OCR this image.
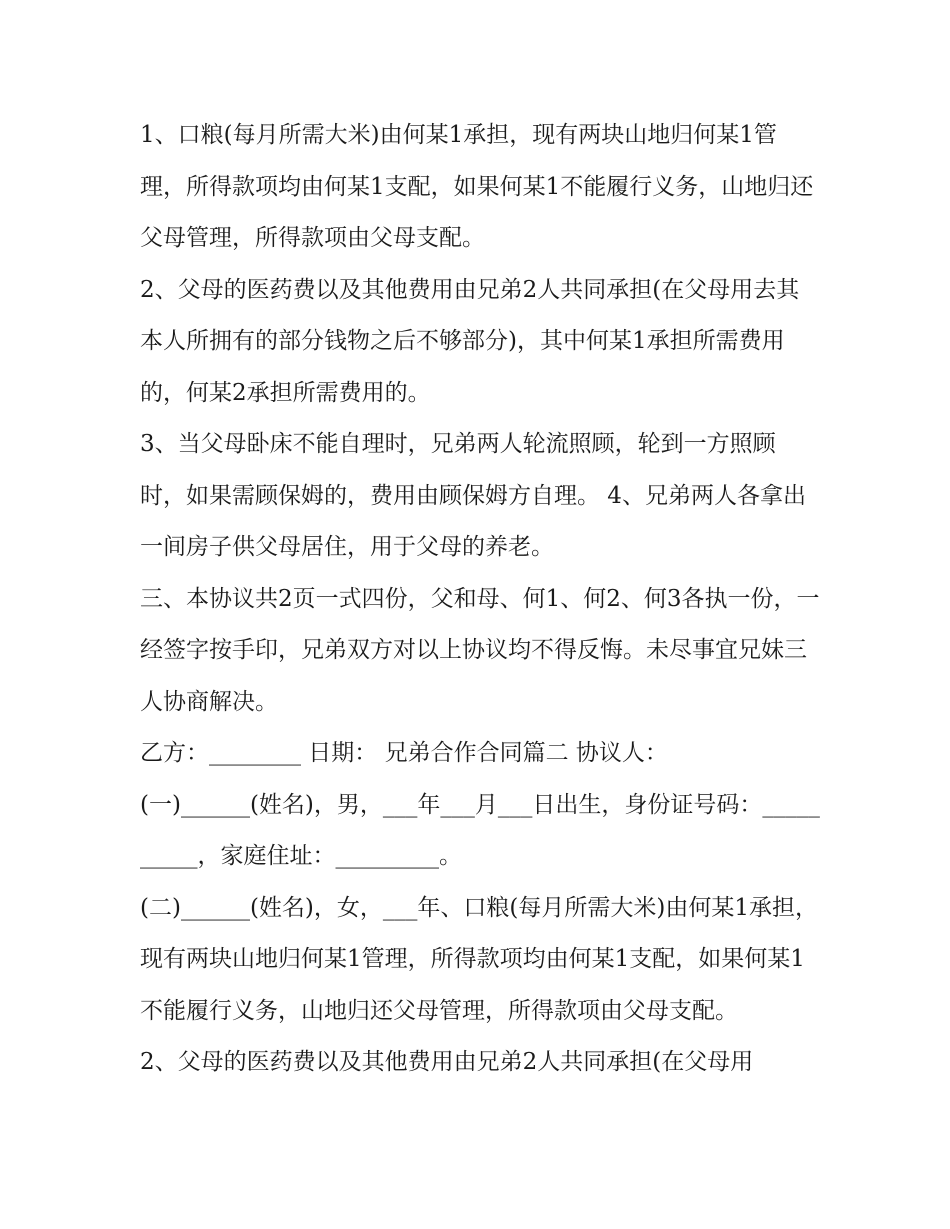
1、口粮(每月所需大米)由何某1承担，现有两块山地归何某1管理，所得款项均由何某1支配，如果何某1不能履行义务，山地归还父母管理，所得款项由父母支配。

2、父母的医药费以及其他费用由兄弟2人共同承担(在父母用去其本人所拥有的部分钱物之后不够部分)，其中何某1承担所需费用的，何某2承担所需费用的。

3、当父母卧床不能自理时，兄弟两人轮流照顾，轮到一方照顾时，如果需顾保姆的，费用由顾保姆方自理。 4、兄弟两人各拿出一间房子供父母居住，用于父母的养老。

三、本协议共2页一式四份，父和母、何1、何2、何3各执一份，一经签字按手印，兄弟双方对以上协议均不得反悔。未尽事宜兄妹三人协商解决。

乙方：________ 日期： 兄弟合作合同篇二 协议人：

(一)______(姓名)，男，___年___月___日出生，身份证号码：__________，家庭住址：_________。

(二)______(姓名)，女，___年、口粮(每月所需大米)由何某1承担，现有两块山地归何某1管理，所得款项均由何某1支配，如果何某1不能履行义务，山地归还父母管理，所得款项由父母支配。

2、父母的医药费以及其他费用由兄弟2人共同承担(在父母用
